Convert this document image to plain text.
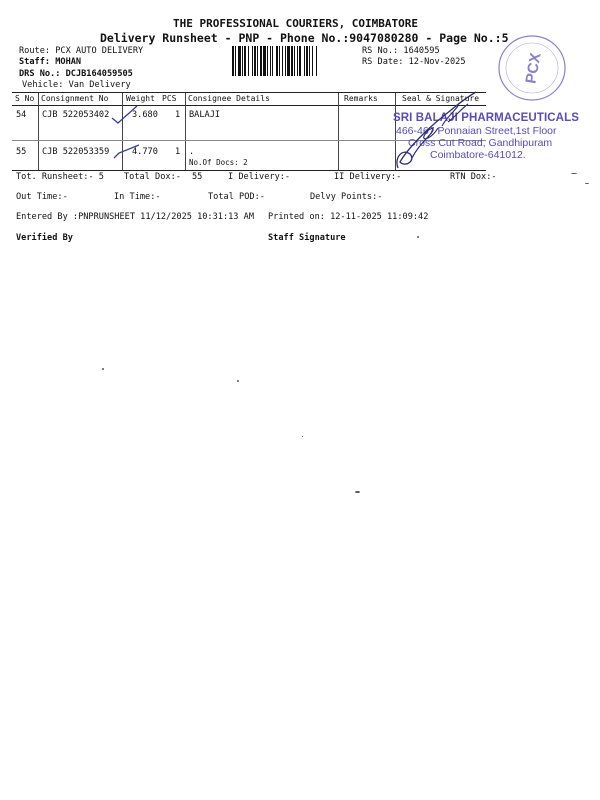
THE PROFESSIONAL COURIERS, COIMBATORE
Delivery Runsheet - PNP - Phone No.:9047080280 - Page No.:5
Route: PCX AUTO DELIVERY
Staff: MOHAN
DRS No.: DCJB164059505
Vehicle: Van Delivery
RS No.: 1640595
RS Date: 12-Nov-2025	PCX
S No Consignment No Weight PCS Consignee Details	Remarks	Seal & Signature
54 CJB 522053402	3.680 1 BALAJI
55 CJB 522053359	4.770 1 .
No.Of Docs: 2
SRI BALAJI PHARMACEUTICALS
466-467 Ponnaian Street,1st Floor
Cross Cut Road, Gandhipuram
Coimbatore-641012.
Tot. Runsheet:- 5 Total Dox:- 55	I Delivery:-	II Delivery:-	RTN Dox:-
Out Time:-	In Time:-	Total POD:-	Delvy Points:-
Entered By :PNPRUNSHEET 11/12/2025 10:31:13 AM Printed on: 12-11-2025 11:09:42
Verified By	Staff Signature
